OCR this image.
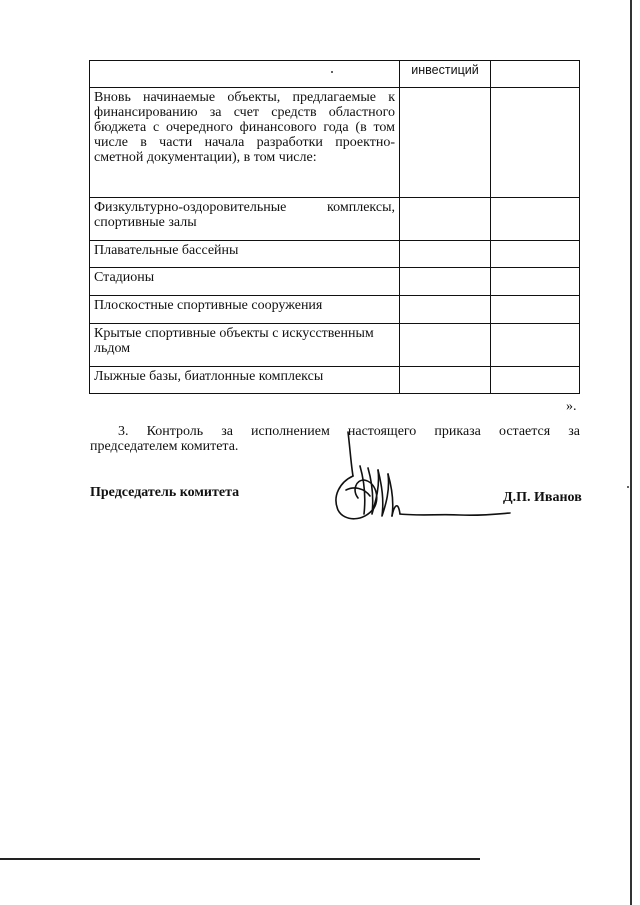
	инвестиций	
Вновь начинаемые объекты, предлагаемые к финансированию за счет средств областного бюджета с очередного финансового года (в том числе в части начала разработки проектно-сметной документации), в том числе:		
Физкультурно-оздоровительные комплексы, спортивные залы		
Плавательные бассейны		
Стадионы		
Плоскостные спортивные сооружения		
Крытые спортивные объекты с искусственным льдом		
Лыжные базы, биатлонные комплексы		
».
3. Контроль за исполнением настоящего приказа остается за
председателем комитета.
Председатель комитета	Д.П. Иванов
